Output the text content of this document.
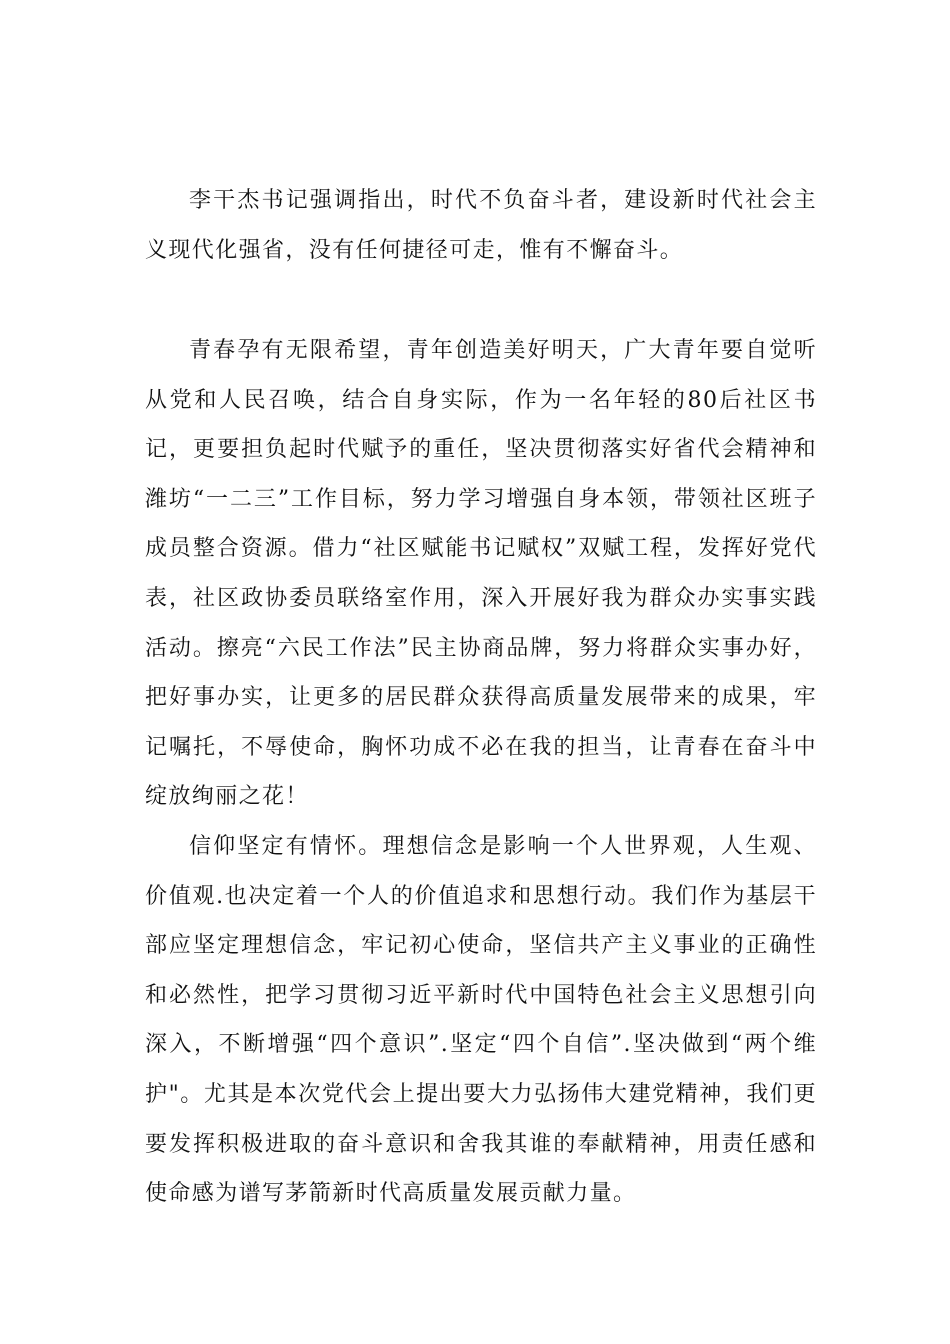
李干杰书记强调指出，时代不负奋斗者，建设新时代社会主义现代化强省，没有任何捷径可走，惟有不懈奋斗。

青春孕有无限希望，青年创造美好明天，广大青年要自觉听从党和人民召唤，结合自身实际，作为一名年轻的80后社区书记，更要担负起时代赋予的重任，坚决贯彻落实好省代会精神和潍坊“一二三”工作目标，努力学习增强自身本领，带领社区班子成员整合资源。借力“社区赋能书记赋权”双赋工程，发挥好党代表，社区政协委员联络室作用，深入开展好我为群众办实事实践活动。擦亮“六民工作法”民主协商品牌，努力将群众实事办好，把好事办实，让更多的居民群众获得高质量发展带来的成果，牢记嘱托，不辱使命，胸怀功成不必在我的担当，让青春在奋斗中绽放绚丽之花！

信仰坚定有情怀。理想信念是影响一个人世界观，人生观、价值观.也决定着一个人的价值追求和思想行动。我们作为基层干部应坚定理想信念，牢记初心使命，坚信共产主义事业的正确性和必然性，把学习贯彻习近平新时代中国特色社会主义思想引向深入，不断增强“四个意识”.坚定“四个自信”.坚决做到“两个维护"。尤其是本次党代会上提出要大力弘扬伟大建党精神，我们更要发挥积极进取的奋斗意识和舍我其谁的奉献精神，用责任感和使命感为谱写茅箭新时代高质量发展贡献力量。
